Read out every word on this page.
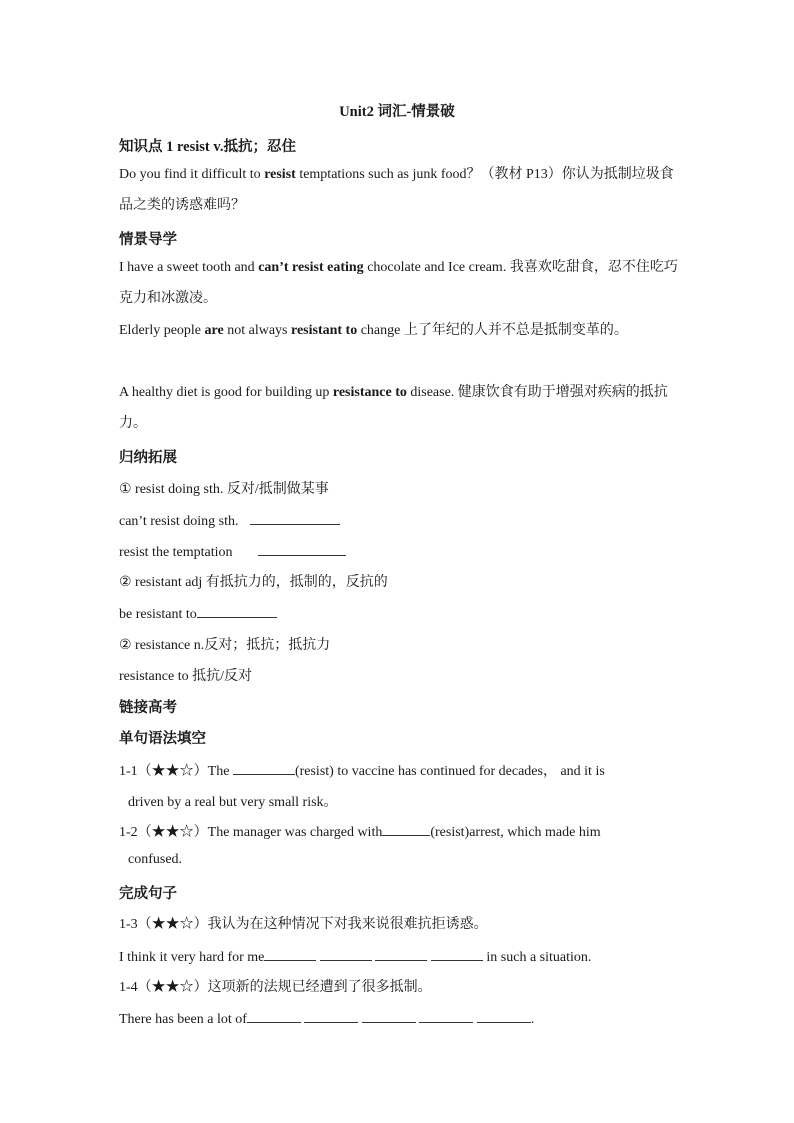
Unit2 词汇-情景破
知识点 1 resist v.抵抗；忍住
Do you find it difficult to resist temptations such as junk food？（教材 P13）你认为抵制垃圾食品之类的诱惑难吗？
情景导学
I have a sweet tooth and can’t resist eating chocolate and Ice cream. 我喜欢吃甜食，忍不住吃巧克力和冰激凌。
Elderly people are not always resistant to change 上了年纪的人并不总是抵制变革的。
A healthy diet is good for building up resistance to disease. 健康饮食有助于增强对疾病的抵抗力。
归纳拓展
① resist doing sth. 反对/抵制做某事
can’t resist doing sth.
resist the temptation
② resistant adj 有抵抗力的，抵制的，反抗的
be resistant to
② resistance n.反对；抵抗；抵抗力
resistance to 抵抗/反对
链接高考
单句语法填空
1-1（★★☆）The	(resist) to vaccine has continued for decades， and it is
driven by a real but very small risk。
1-2（★★☆）The manager was charged with	(resist)arrest, which made him
confused.
完成句子
1-3（★★☆）我认为在这种情况下对我来说很难抗拒诱惑。
I think it very hard for me	in such a situation.
1-4（★★☆）这项新的法规已经遭到了很多抵制。
There has been a lot of	.
